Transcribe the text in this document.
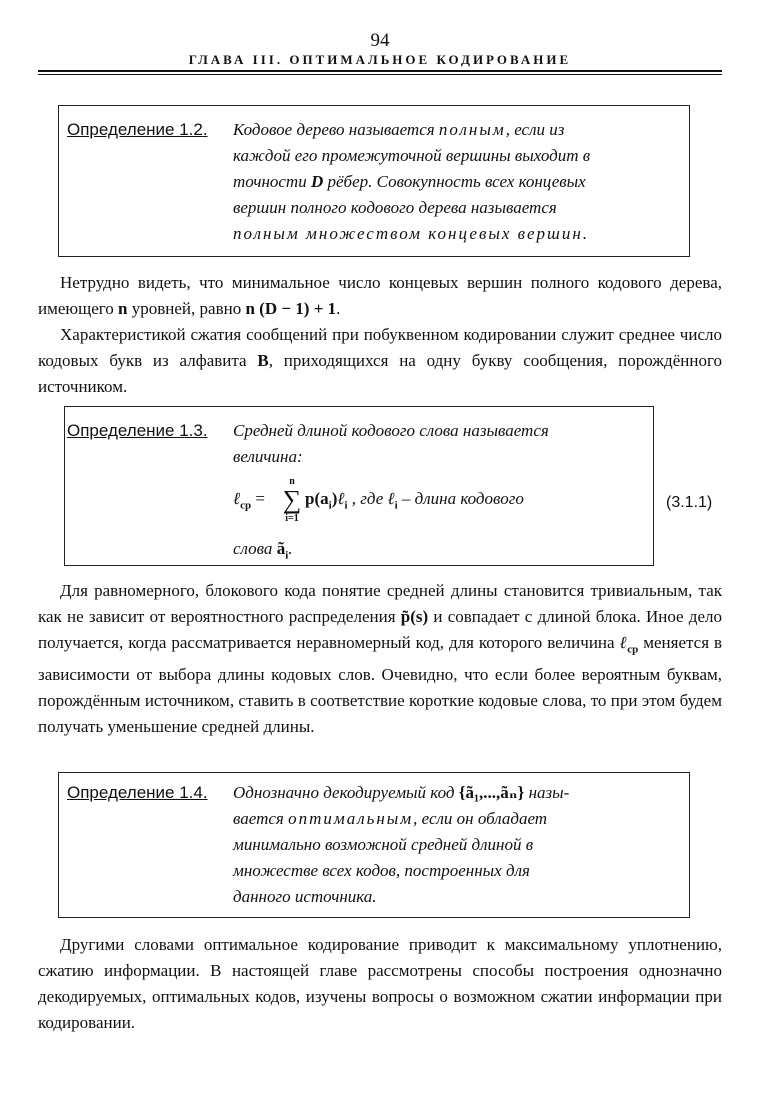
94
ГЛАВА III. ОПТИМАЛЬНОЕ КОДИРОВАНИЕ
Определение 1.2. Кодовое дерево называется полным, если из
каждой его промежуточной вершины выходит в
точности D рёбер. Совокупность всех концевых
вершин полного кодового дерева называется
полным множеством концевых вершин.

Нетрудно видеть, что минимальное число концевых вершин полного кодового дерева, имеющего n уровней, равно n (D − 1) + 1.

Характеристикой сжатия сообщений при побуквенном кодировании служит среднее число кодовых букв из алфавита B, приходящихся на одну букву сообщения, порождённого источником.

Определение 1.3. Средней длиной кодового слова называется
величина:
ℓ$_{cp}$ =
n
∑
i=1
$p(a_i)\ell_i$ , где ℓ$_i$ – длина кодового
слова $ã_i$.
(3.1.1)

Для равномерного, блокового кода понятие средней длины становится тривиальным, так как не зависит от вероятностного распределения p̃(s) и совпадает с длиной блока. Иное дело получается, когда рассматривается неравномерный код, для которого величина ℓ$_{cp}$ меняется в зависимости от выбора длины кодовых слов. Очевидно, что если более вероятным буквам, порождённым источником, ставить в соответствие короткие кодовые слова, то при этом будем получать уменьшение средней длины.

Определение 1.4. Однозначно декодируемый код {ã₁,...,ãₙ} назы-
вается оптимальным, если он обладает
минимально возможной средней длиной в
множестве всех кодов, построенных для
данного источника.

Другими словами оптимальное кодирование приводит к максимальному уплотнению, сжатию информации. В настоящей главе рассмотрены способы построения однозначно декодируемых, оптимальных кодов, изучены вопросы о возможном сжатии информации при кодировании.
